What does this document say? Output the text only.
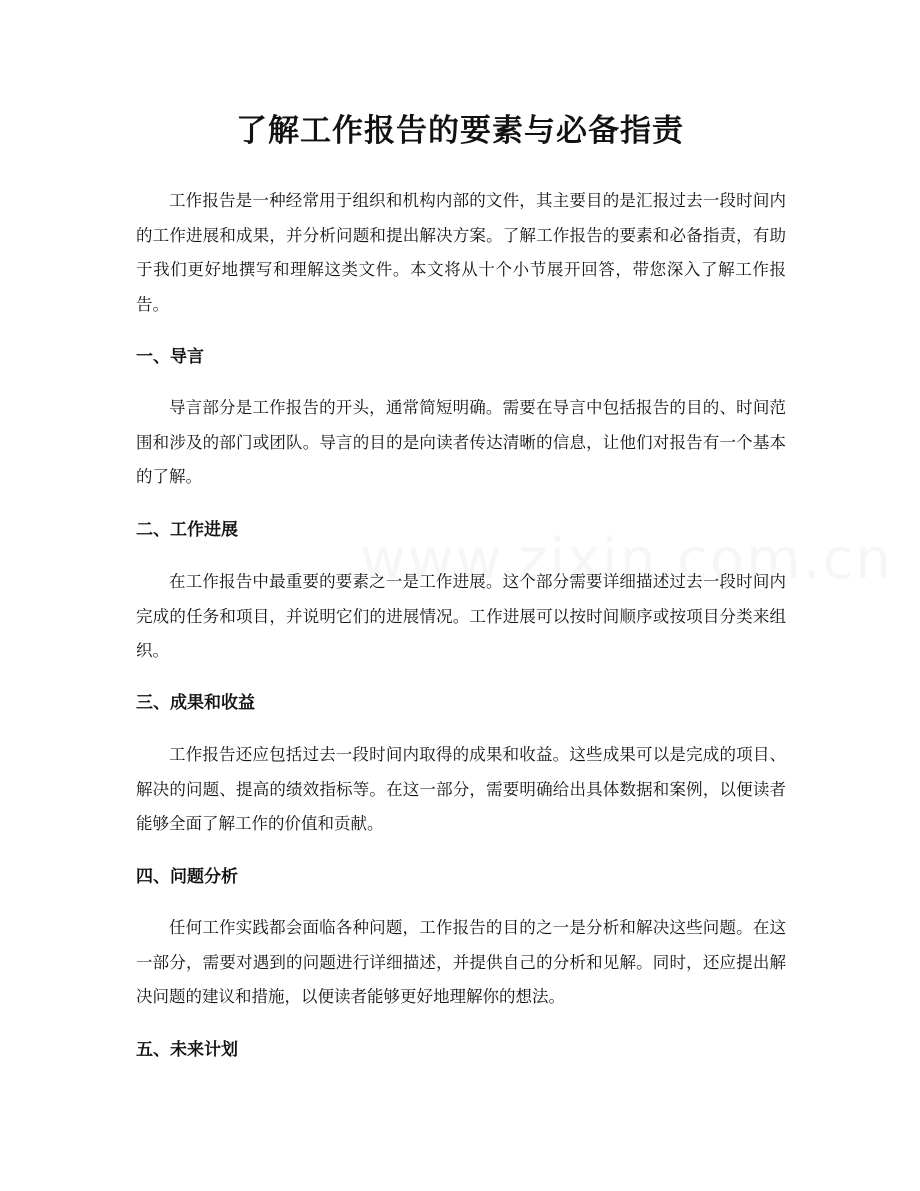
了解工作报告的要素与必备指责
工作报告是一种经常用于组织和机构内部的文件，其主要目的是汇报过去一段时间内的工作进展和成果，并分析问题和提出解决方案。了解工作报告的要素和必备指责，有助于我们更好地撰写和理解这类文件。本文将从十个小节展开回答，带您深入了解工作报告。
一、导言
导言部分是工作报告的开头，通常简短明确。需要在导言中包括报告的目的、时间范围和涉及的部门或团队。导言的目的是向读者传达清晰的信息，让他们对报告有一个基本的了解。
二、工作进展
在工作报告中最重要的要素之一是工作进展。这个部分需要详细描述过去一段时间内完成的任务和项目，并说明它们的进展情况。工作进展可以按时间顺序或按项目分类来组织。
三、成果和收益
工作报告还应包括过去一段时间内取得的成果和收益。这些成果可以是完成的项目、解决的问题、提高的绩效指标等。在这一部分，需要明确给出具体数据和案例，以便读者能够全面了解工作的价值和贡献。
四、问题分析
任何工作实践都会面临各种问题，工作报告的目的之一是分析和解决这些问题。在这一部分，需要对遇到的问题进行详细描述，并提供自己的分析和见解。同时，还应提出解决问题的建议和措施，以便读者能够更好地理解你的想法。
五、未来计划
